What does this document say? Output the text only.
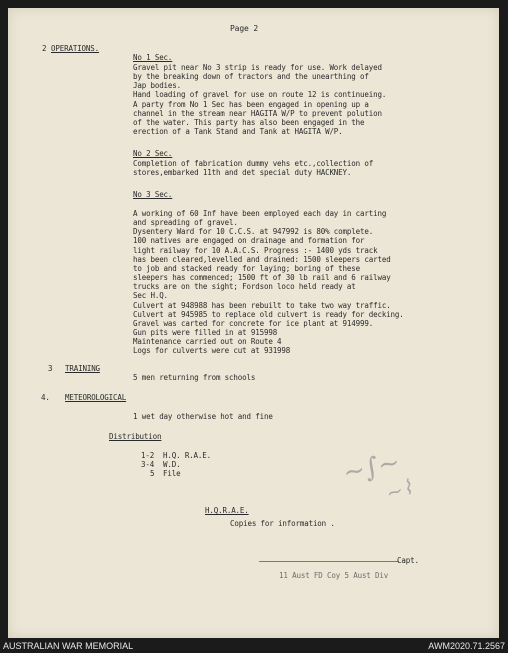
Page 2
2 OPERATIONS.
No 1 Sec.
Gravel pit near No 3 strip is ready for use. Work delayed
by the breaking down of tractors and the unearthing of
Jap bodies.
Hand loading of gravel for use on route 12 is continueing.
A party from No 1 Sec has been engaged in opening up a
channel in the stream near HAGITA W/P to prevent polution
of the water. This party has also been engaged in the
erection of a Tank Stand and Tank at HAGITA W/P.
No 2 Sec.
Completion of fabrication dummy vehs etc.,collection of
stores,embarked 11th and det special duty HACKNEY.
No 3 Sec.
A working of 60 Inf have been employed each day in carting
and spreading of gravel.
Dysentery Ward for 10 C.C.S. at 947992 is 80% complete.
100 natives are engaged on drainage and formation for
light railway for 10 A.A.C.S. Progress :- 1400 yds track
has been cleared,levelled and drained: 1500 sleepers carted
to job and stacked ready for laying; boring of these
sleepers has commenced; 1500 ft of 30 lb rail and 6 railway
trucks are on the sight; Fordson loco held ready at
Sec H.Q.
Culvert at 948988 has been rebuilt to take two way traffic.
Culvert at 945985 to replace old culvert is ready for decking.
Gravel was carted for concrete for ice plant at 914999.
Gun pits were filled in at 915998
Maintenance carried out on Route 4
Logs for culverts were cut at 931998
3 TRAINING
5 men returning from schools
4. METEOROLOGICAL
1 wet day otherwise hot and fine
Distribution
1-2 H.Q. R.A.E.
3-4 W.D.
5 File
H.Q.R.A.E.
Copies for information .
Capt.
11 Aust FD Coy 5 Aust Div
~∫~
~⌇
AUSTRALIAN WAR MEMORIAL	AWM2020.71.2567
